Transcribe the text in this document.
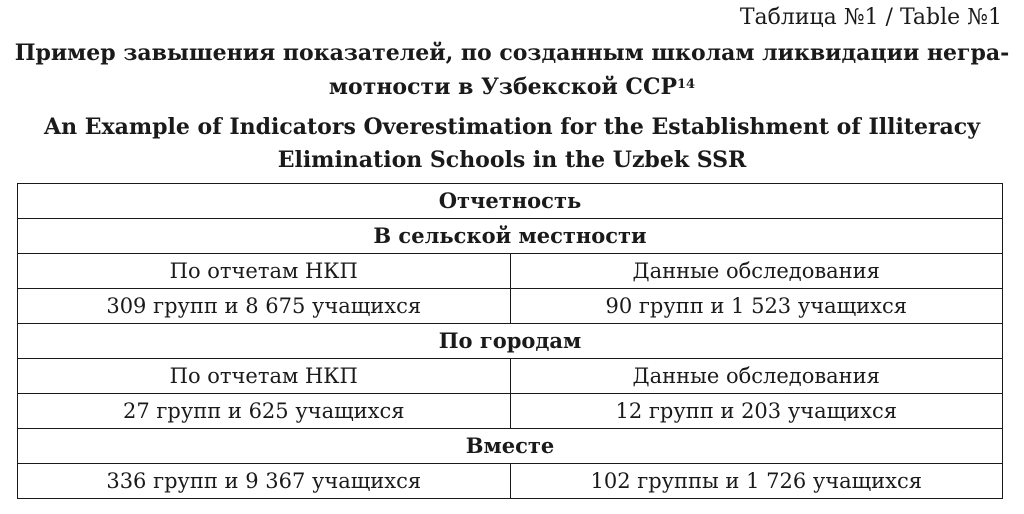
Таблица №1 / Table №1
Пример завышения показателей, по созданным школам ликвидации негра-
мотности в Узбекской ССР$^{14}$
An Example of Indicators Overestimation for the Establishment of Illiteracy
Elimination Schools in the Uzbek SSR
Отчетность	
В сельской местности	
По отчетам НКП	Данные обследования
309 групп и 8 675 учащихся	90 групп и 1 523 учащихся
По городам	
По отчетам НКП	Данные обследования
27 групп и 625 учащихся	12 групп и 203 учащихся
Вместе	
336 групп и 9 367 учащихся	102 группы и 1 726 учащихся
